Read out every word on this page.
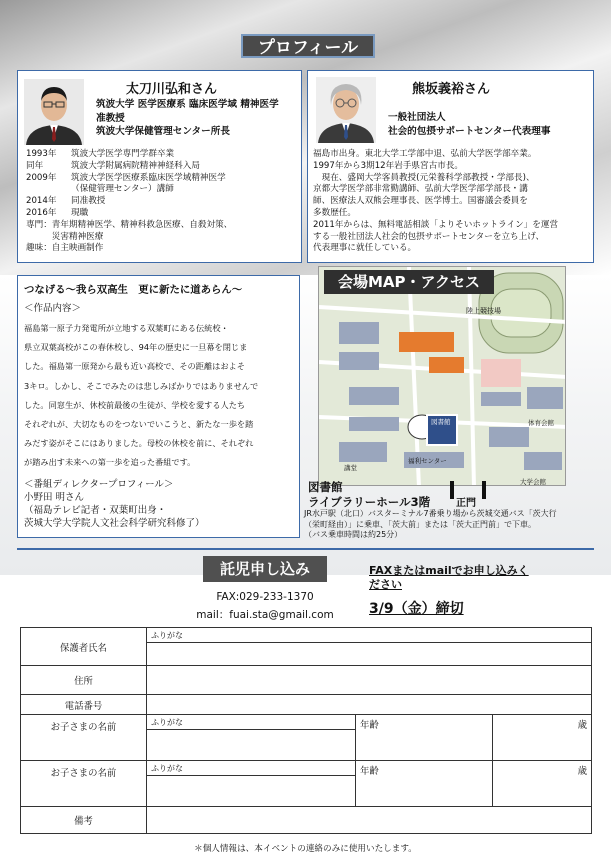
プロフィール
太刀川弘和さん
筑波大学 医学医療系 臨床医学域 精神医学
准教授
筑波大学保健管理センター所長
1993年	筑波大学医学専門学群卒業
同年	筑波大学附属病院精神神経科入局
2009年	筑波大学医学医療系臨床医学域精神医学
（保健管理センター）講師
2014年	同准教授
2016年	現職
専門：青年期精神医学、精神科救急医療、自殺対策、
　　　災害精神医療
趣味：自主映画制作
熊坂義裕さん
一般社団法人
社会的包摂サポートセンター代表理事
福島市出身。東北大学工学部中退、弘前大学医学部卒業。
1997年から3期12年岩手県宮古市長。
　現在、盛岡大学客員教授(元栄養科学部教授・学部長)、
京都大学医学部非常勤講師、弘前大学医学部学部長・講
師、医療法人双熊会理事長、医学博士。国審議会委員を
多数歴任。
2011年からは、無料電話相談「よりそいホットライン」を運営
する一般社団法人社会的包摂サポートセンターを立ち上げ、
代表理事に就任している。
つなげる～我ら双高生　更に新たに道あらん～
＜作品内容＞
福島第一原子力発電所が立地する双葉町にある伝統校・
県立双葉高校がこの春休校し、94年の歴史に一旦幕を閉じま
した。福島第一原発から最も近い高校で、その距離はおよそ
3キロ。しかし、そこでみたのは悲しみばかりではありませんで
した。同窓生が、休校前最後の生徒が、学校を愛する人たち
それぞれが、大切なものをつないでいこうと、新たな一歩を踏
みだす姿がそこにはありました。母校の休校を前に、それぞれ
が踏み出す未来への第一歩を追った番組です。
＜番組ディレクタープロフィール＞
小野田 明さん
（福島テレビ記者・双葉町出身・
茨城大学大学院人文社会科学研究科修了）
会場MAP・アクセス
陸上競技場
体育会館
大学会館
福利センター
講堂
図書館
図書館
ライブラリーホール3階	正門
JR水戸駅（北口）バスターミナル7番乗り場から茨城交通バス「茨大行
（栄町経由）」に乗車、「茨大前」または「茨大正門前」で下車。
（バス乗車時間は約25分）
託児申し込み
FAX:029-233-1370
mail：fuai.sta@gmail.com
FAXまたはmailでお申し込みく
ださい
3/9（金）締切
保護者氏名	ふりがな			

住所				
電話番号				
お子さまの名前	ふりがな	年齢		歳

お子さまの名前	ふりがな	年齢		歳

備考				
＊個人情報は、本イベントの連絡のみに使用いたします。
